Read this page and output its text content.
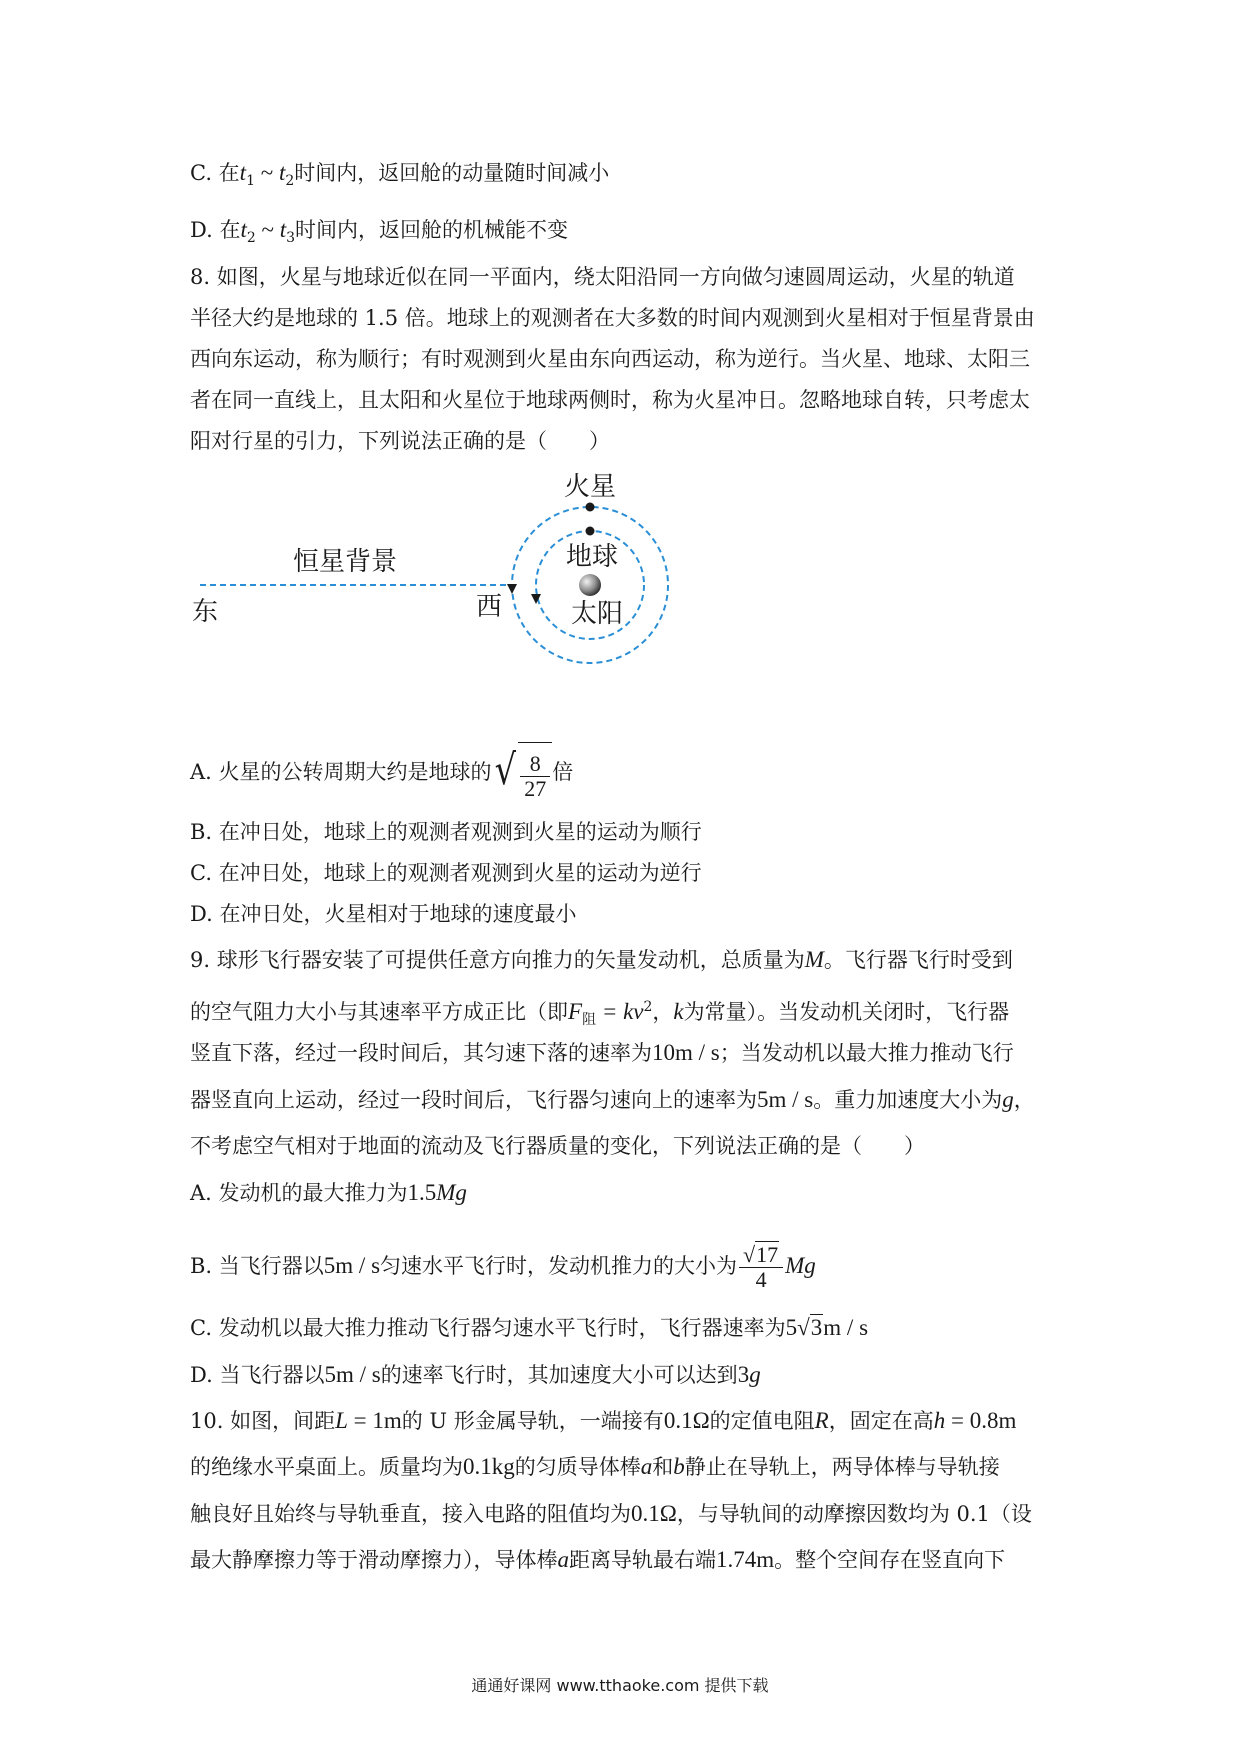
C. 在$t_1$ ~ $t_2$时间内，返回舱的动量随时间减小
D. 在$t_2$ ~ $t_3$时间内，返回舱的机械能不变
8. 如图，火星与地球近似在同一平面内，绕太阳沿同一方向做匀速圆周运动，火星的轨道
半径大约是地球的 1.5 倍。地球上的观测者在大多数的时间内观测到火星相对于恒星背景由
西向东运动，称为顺行；有时观测到火星由东向西运动，称为逆行。当火星、地球、太阳三
者在同一直线上，且太阳和火星位于地球两侧时，称为火星冲日。忽略地球自转，只考虑太
阳对行星的引力，下列说法正确的是（　　）
火星
地球
太阳
恒星背景
东	西
A. 火星的公转周期大约是地球的 √ $\frac{8}{27}$ 倍
B. 在冲日处，地球上的观测者观测到火星的运动为顺行
C. 在冲日处，地球上的观测者观测到火星的运动为逆行
D. 在冲日处，火星相对于地球的速度最小
9. 球形飞行器安装了可提供任意方向推力的矢量发动机，总质量为M。飞行器飞行时受到
的空气阻力大小与其速率平方成正比（即$F_阻 = kv^2$，k为常量）。当发动机关闭时，飞行器
竖直下落，经过一段时间后，其匀速下落的速率为10m / s；当发动机以最大推力推动飞行
器竖直向上运动，经过一段时间后，飞行器匀速向上的速率为5m / s。重力加速度大小为g，
不考虑空气相对于地面的流动及飞行器质量的变化，下列说法正确的是（　　）
A. 发动机的最大推力为1.5Mg
B. 当飞行器以5m / s匀速水平飞行时，发动机推力的大小为 $\frac{√17}{4}$ Mg
C. 发动机以最大推力推动飞行器匀速水平飞行时，飞行器速率为5√3m / s
D. 当飞行器以5m / s的速率飞行时，其加速度大小可以达到3g
10. 如图，间距L = 1m的 U 形金属导轨，一端接有0.1Ω的定值电阻R，固定在高h = 0.8m
的绝缘水平桌面上。质量均为0.1kg的匀质导体棒a和b静止在导轨上，两导体棒与导轨接
触良好且始终与导轨垂直，接入电路的阻值均为0.1Ω，与导轨间的动摩擦因数均为 0.1（设
最大静摩擦力等于滑动摩擦力），导体棒a距离导轨最右端1.74m。整个空间存在竖直向下
通通好课网 www.tthaoke.com 提供下载
